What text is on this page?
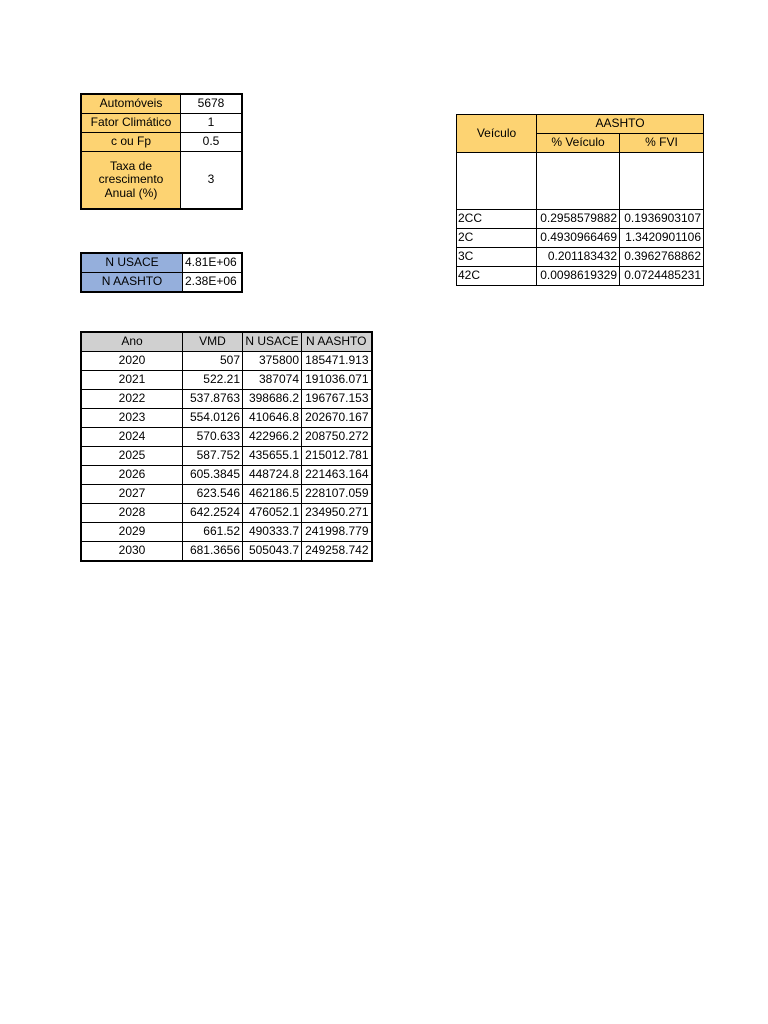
Automóveis	5678
Fator Climático	1
c ou Fp	0.5
Taxa de crescimento Anual (%)	3
N USACE	4.81E+06
N AASHTO	2.38E+06
Ano	VMD	N USACE	N AASHTO
2020	507	375800	185471.913
2021	522.21	387074	191036.071
2022	537.8763	398686.2	196767.153
2023	554.0126	410646.8	202670.167
2024	570.633	422966.2	208750.272
2025	587.752	435655.1	215012.781
2026	605.3845	448724.8	221463.164
2027	623.546	462186.5	228107.059
2028	642.2524	476052.1	234950.271
2029	661.52	490333.7	241998.779
2030	681.3656	505043.7	249258.742
Veículo	AASHTO	
	% Veículo	% FVI

2CC	0.2958579882	0.1936903107
2C	0.4930966469	1.3420901106
3C	0.201183432	0.3962768862
42C	0.0098619329	0.0724485231
